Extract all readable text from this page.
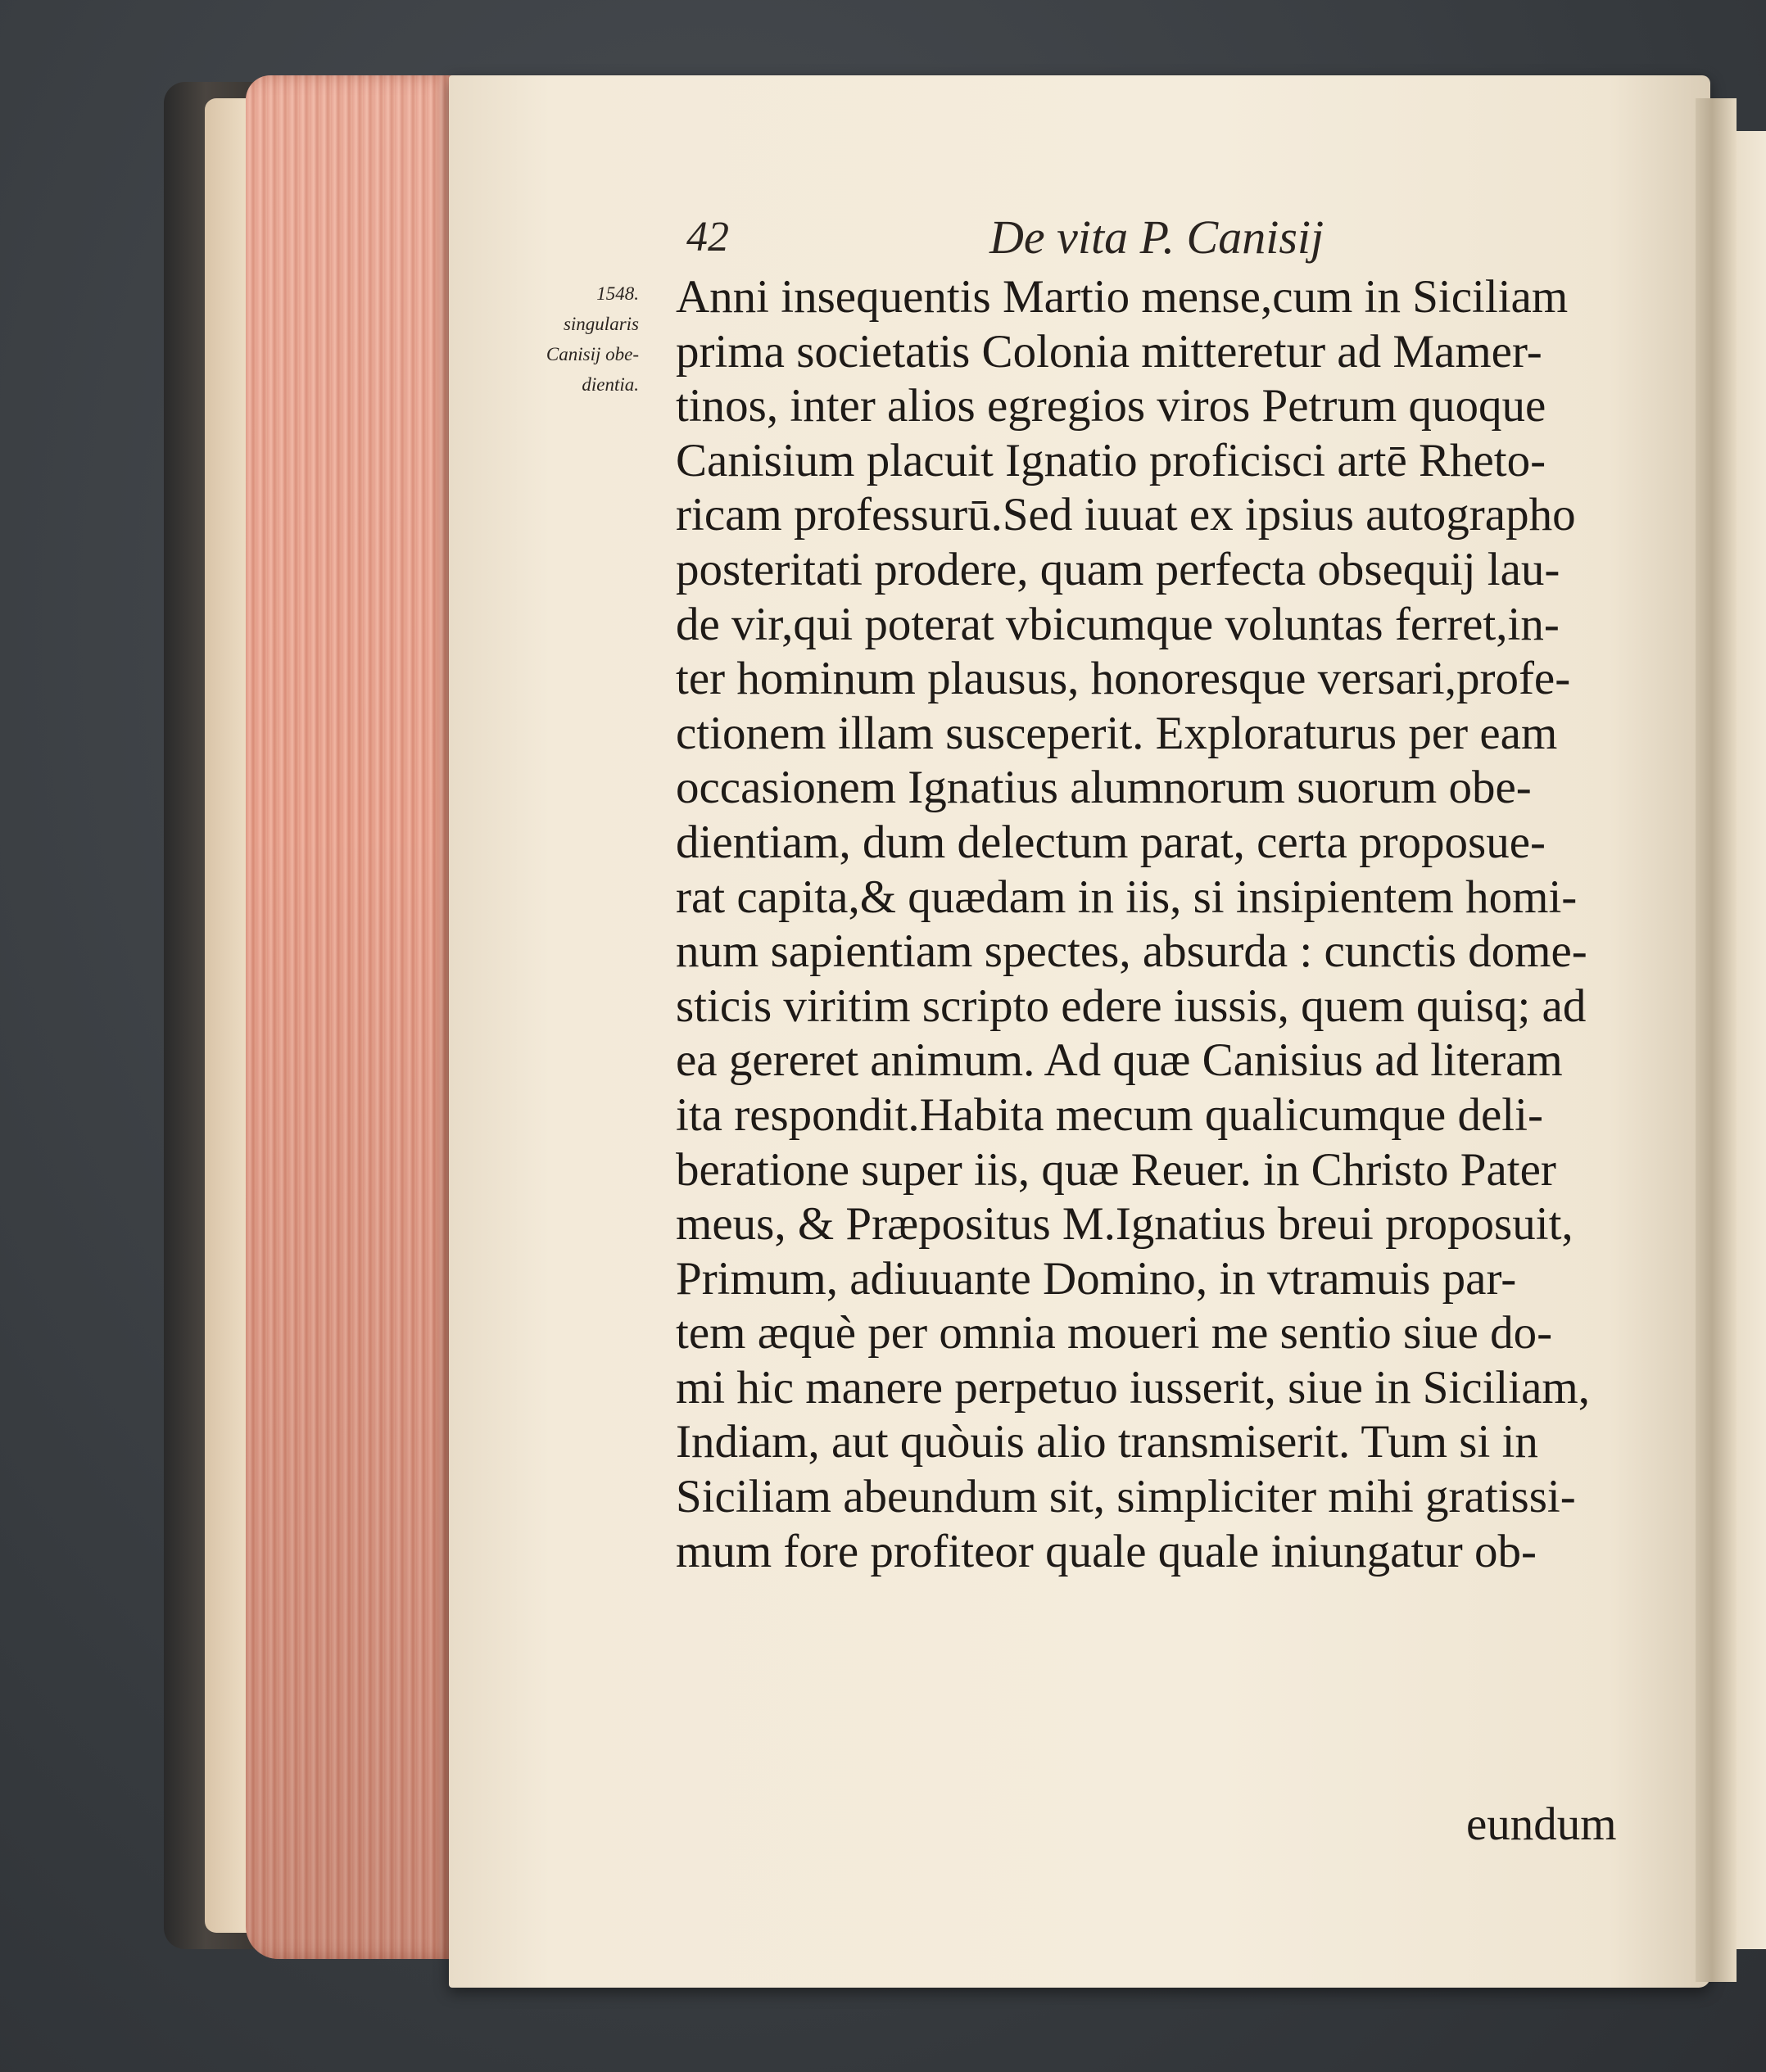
42	De vita P. Canisij
1548.
singularis
Canisij obe-
dientia.
Anni insequentis Martio mense,cum in Siciliam
prima societatis Colonia mitteretur ad Mamer-
tinos, inter alios egregios viros Petrum quoque
Canisium placuit Ignatio proficisci artē Rheto-
ricam professurū.Sed iuuat ex ipsius autographo
posteritati prodere, quam perfecta obsequij lau-
de vir,qui poterat vbicumque voluntas ferret,in-
ter hominum plausus, honoresque versari,profe-
ctionem illam susceperit. Exploraturus per eam
occasionem Ignatius alumnorum suorum obe-
dientiam, dum delectum parat, certa proposue-
rat capita,& quædam in iis, si insipientem homi-
num sapientiam spectes, absurda : cunctis dome-
sticis viritim scripto edere iussis, quem quisq; ad
ea gereret animum. Ad quæ Canisius ad literam
ita respondit.Habita mecum qualicumque deli-
beratione super iis, quæ Reuer. in Christo Pater
meus, & Præpositus M.Ignatius breui proposuit,
Primum, adiuuante Domino, in vtramuis par-
tem æquè per omnia moueri me sentio siue do-
mi hic manere perpetuo iusserit, siue in Siciliam,
Indiam, aut quòuis alio transmiserit. Tum si in
Siciliam abeundum sit, simpliciter mihi gratissi-
mum fore profiteor quale quale iniungatur ob-
eundum
